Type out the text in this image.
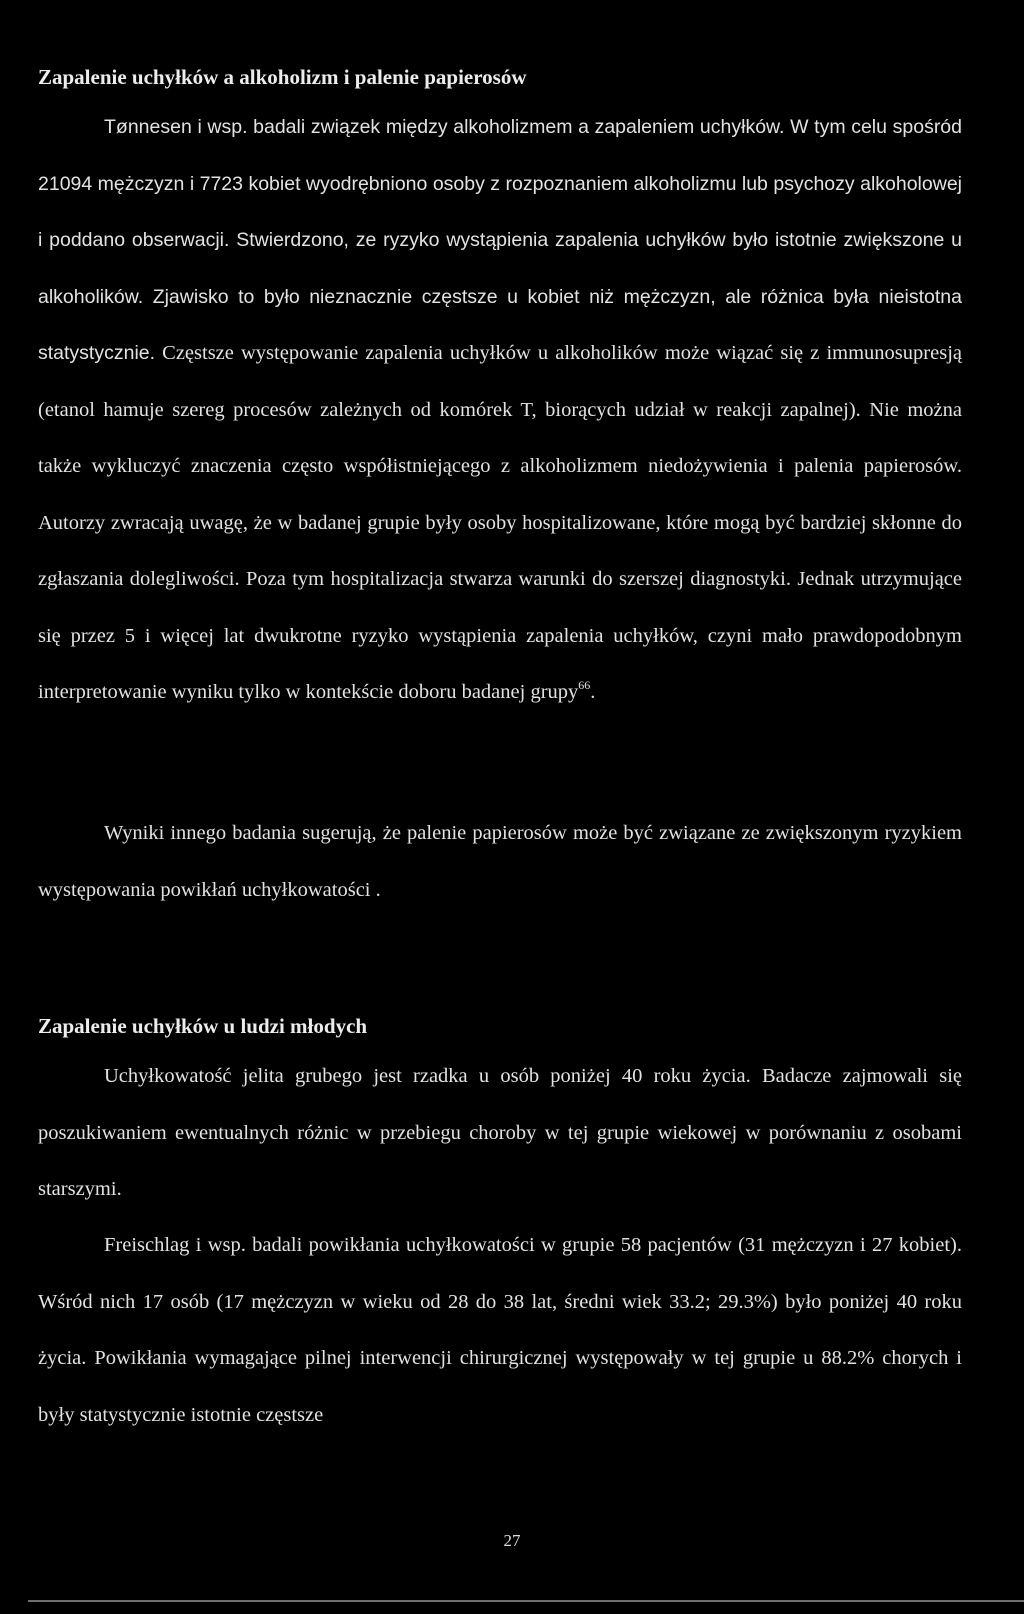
Zapalenie uchyłków a alkoholizm i palenie papierosów

Tønnesen i wsp. badali związek między alkoholizmem a zapaleniem uchyłków. W tym celu spośród 21094 mężczyzn i 7723 kobiet wyodrębniono osoby z rozpoznaniem alkoholizmu lub psychozy alkoholowej i poddano obserwacji. Stwierdzono, ze ryzyko wystąpienia zapalenia uchyłków było istotnie zwiększone u alkoholików. Zjawisko to było nieznacznie częstsze u kobiet niż mężczyzn, ale różnica była nieistotna statystycznie. Częstsze występowanie zapalenia uchyłków u alkoholików może wiązać się z immunosupresją (etanol hamuje szereg procesów zależnych od komórek T, biorących udział w reakcji zapalnej). Nie można także wykluczyć znaczenia często współistniejącego z alkoholizmem niedożywienia i palenia papierosów. Autorzy zwracają uwagę, że w badanej grupie były osoby hospitalizowane, które mogą być bardziej skłonne do zgłaszania dolegliwości. Poza tym hospitalizacja stwarza warunki do szerszej diagnostyki. Jednak utrzymujące się przez 5 i więcej lat dwukrotne ryzyko wystąpienia zapalenia uchyłków, czyni mało prawdopodobnym interpretowanie wyniku tylko w kontekście doboru badanej grupy$^{66}$.

Wyniki innego badania sugerują, że palenie papierosów może być związane ze zwiększonym ryzykiem występowania powikłań uchyłkowatości .

Zapalenie uchyłków u ludzi młodych

Uchyłkowatość jelita grubego jest rzadka u osób poniżej 40 roku życia. Badacze zajmowali się poszukiwaniem ewentualnych różnic w przebiegu choroby w tej grupie wiekowej w porównaniu z osobami starszymi.

Freischlag i wsp. badali powikłania uchyłkowatości w grupie 58 pacjentów (31 mężczyzn i 27 kobiet). Wśród nich 17 osób (17 mężczyzn w wieku od 28 do 38 lat, średni wiek 33.2; 29.3%) było poniżej 40 roku życia. Powikłania wymagające pilnej interwencji chirurgicznej występowały w tej grupie u 88.2% chorych i były statystycznie istotnie częstsze

27
